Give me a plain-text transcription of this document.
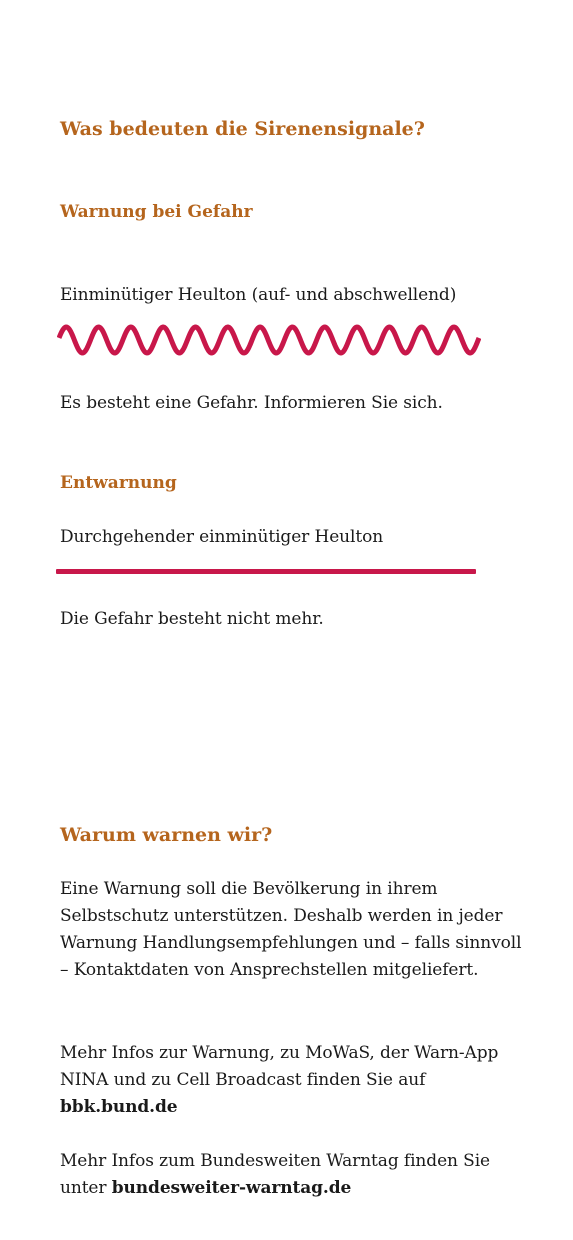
Was bedeuten die Sirenensignale?
Warnung bei Gefahr

Einminütiger Heulton (auf- und abschwellend)

Es besteht eine Gefahr. Informieren Sie sich.

Entwarnung

Durchgehender einminütiger Heulton

Die Gefahr besteht nicht mehr.

Warum warnen wir?

Eine Warnung soll die Bevölkerung in ihrem Selbstschutz unterstützen. Deshalb werden in jeder Warnung Handlungsempfehlungen und – falls sinnvoll – Kontaktdaten von Ansprechstellen mitgeliefert.

Mehr Infos zur Warnung, zu MoWaS, der Warn-App NINA und zu Cell Broadcast finden Sie auf bbk.bund.de

Mehr Infos zum Bundesweiten Warntag finden Sie unter bundesweiter-warntag.de
